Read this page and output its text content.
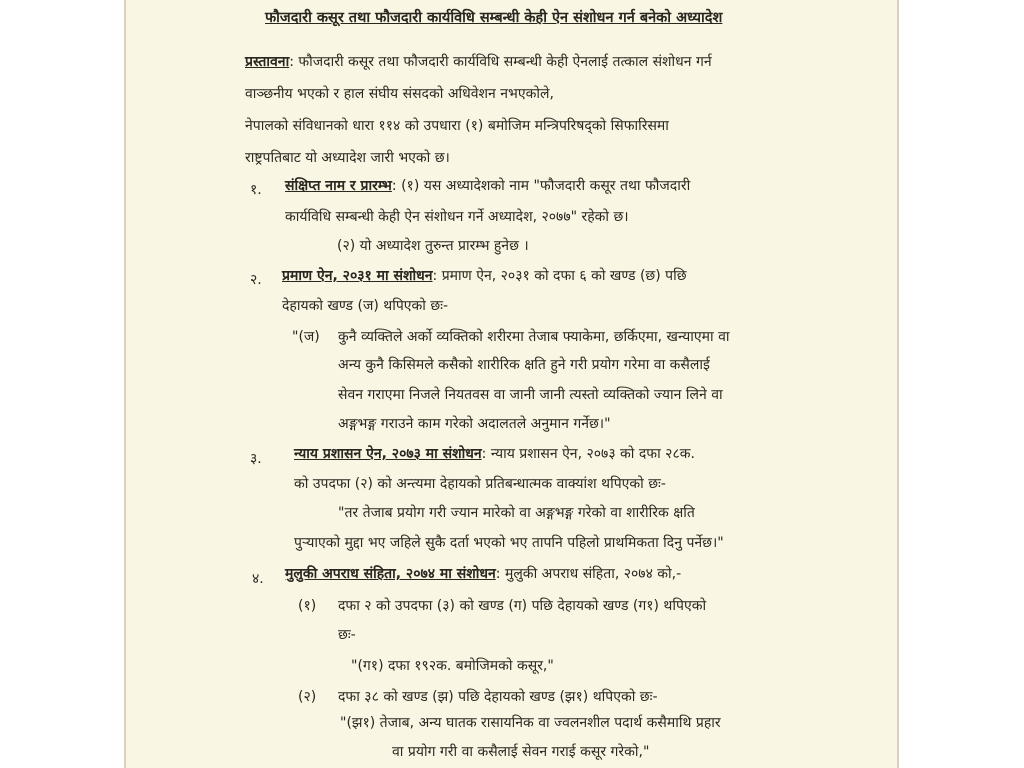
फौजदारी कसूर तथा फौजदारी कार्यविधि सम्बन्धी केही ऐन संशोधन गर्न बनेको अध्यादेश
प्रस्तावना: फौजदारी कसूर तथा फौजदारी कार्यविधि सम्बन्धी केही ऐनलाई तत्काल संशोधन गर्न
वाञ्छनीय भएको र हाल संघीय संसदको अधिवेशन नभएकोले,
नेपालको संविधानको धारा ११४ को उपधारा (१) बमोजिम मन्त्रिपरिषद्को सिफारिसमा
राष्ट्रपतिबाट यो अध्यादेश जारी भएको छ।
१. संक्षिप्त नाम र प्रारम्भ: (१) यस अध्यादेशको नाम "फौजदारी कसूर तथा फौजदारी
कार्यविधि सम्बन्धी केही ऐन संशोधन गर्ने अध्यादेश, २०७७" रहेको छ।
(२) यो अध्यादेश तुरुन्त प्रारम्भ हुनेछ ।
२. प्रमाण ऐन, २०३१ मा संशोधन: प्रमाण ऐन, २०३१ को दफा ६ को खण्ड (छ) पछि
देहायको खण्ड (ज) थपिएको छः-
"(ज) कुनै व्यक्तिले अर्को व्यक्तिको शरीरमा तेजाब फ्याकेमा, छर्किएमा, खन्याएमा वा
अन्य कुनै किसिमले कसैको शारीरिक क्षति हुने गरी प्रयोग गरेमा वा कसैलाई
सेवन गराएमा निजले नियतवस वा जानी जानी त्यस्तो व्यक्तिको ज्यान लिने वा
अङ्गभङ्ग गराउने काम गरेको अदालतले अनुमान गर्नेछ।"
३. न्याय प्रशासन ऐन, २०७३ मा संशोधन: न्याय प्रशासन ऐन, २०७३ को दफा २८क.
को उपदफा (२) को अन्त्यमा देहायको प्रतिबन्धात्मक वाक्यांश थपिएको छः-
"तर तेजाब प्रयोग गरी ज्यान मारेको वा अङ्गभङ्ग गरेको वा शारीरिक क्षति
पुऱ्याएको मुद्दा भए जहिले सुकै दर्ता भएको भए तापनि पहिलो प्राथमिकता दिनु पर्नेछ।"
४. मुलुकी अपराध संहिता, २०७४ मा संशोधन: मुलुकी अपराध संहिता, २०७४ को,-
(१) दफा २ को उपदफा (३) को खण्ड (ग) पछि देहायको खण्ड (ग१) थपिएको
छः-
"(ग१) दफा १९२क. बमोजिमको कसूर,"
(२) दफा ३८ को खण्ड (झ) पछि देहायको खण्ड (झ१) थपिएको छः-
"(झ१) तेजाब, अन्य घातक रासायनिक वा ज्वलनशील पदार्थ कसैमाथि प्रहार
वा प्रयोग गरी वा कसैलाई सेवन गराई कसूर गरेको,"
